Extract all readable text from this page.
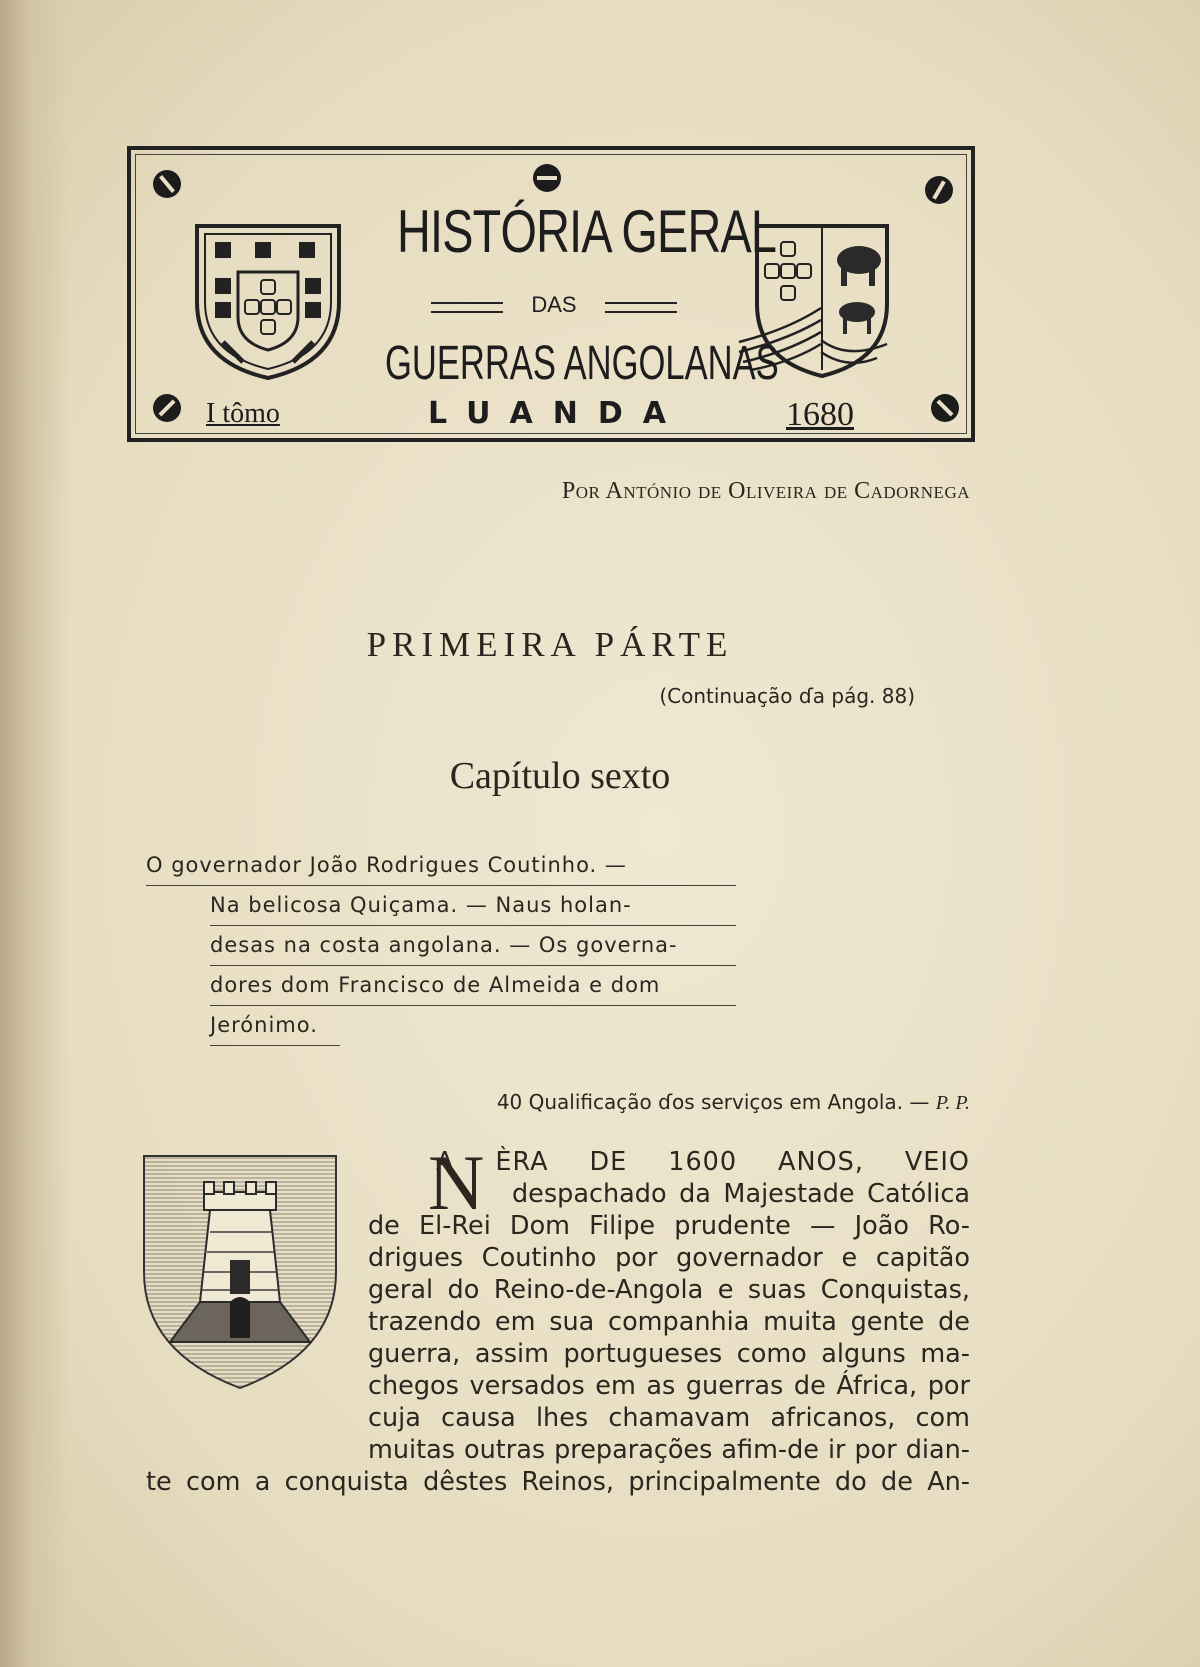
HISTÓRIA GERAL
DAS
GUERRAS ANGOLANAS
I tômo	LUANDA	1680
Por António de Oliveira de Cadornega
PRIMEIRA PÁRTE
(Continuação ɗa pág. 88)
Capítulo sexto
O governador João Rodrigues Coutinho. —
Na belicosa Quiçama. — Naus holan-
desas na costa angolana. — Os governa-
dores dom Francisco de Almeida e dom
Jerónimo.
40 Qualificação ɗos serviços em Angola. — P. P.
N
A ÈRA DE 1600 ANOS, VEIO
despachado da Majestade Católica
de El-Rei Dom Filipe prudente — João Ro-
drigues Coutinho por governador e capitão
geral do Reino-de-Angola e suas Conquistas,
trazendo em sua companhia muita gente de
guerra, assim portugueses como alguns ma-
chegos versados em as guerras de África, por
cuja causa lhes chamavam africanos, com
muitas outras preparações afim-de ir por dian-
te com a conquista dêstes Reinos, principalmente do de An-
